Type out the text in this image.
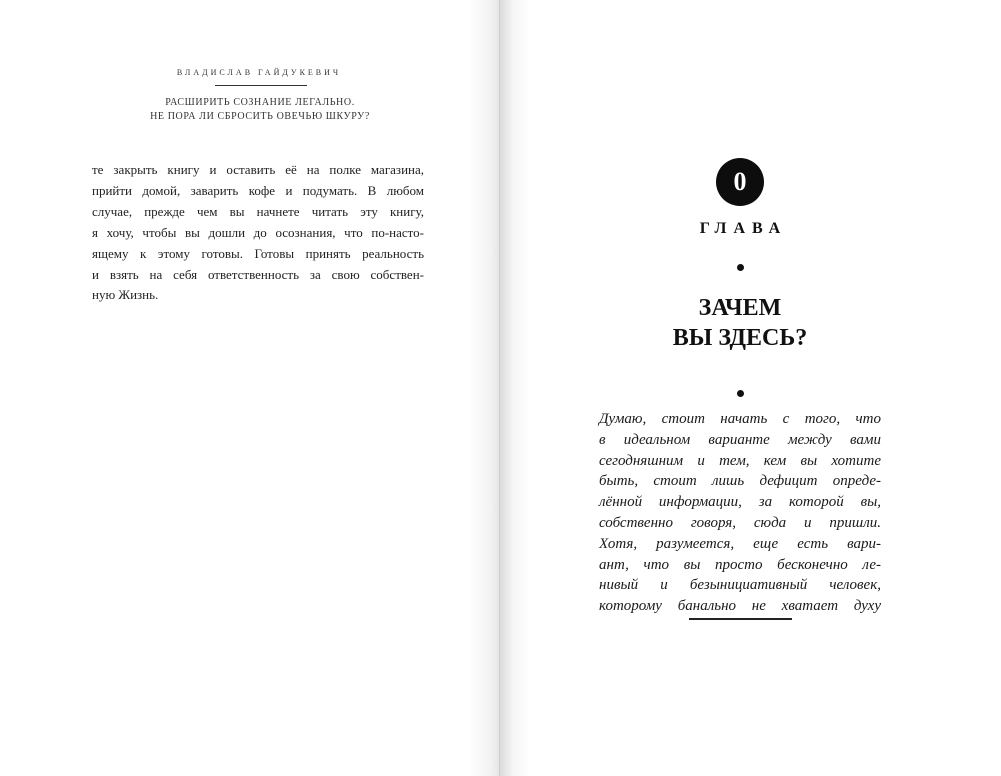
ВЛАДИСЛАВ ГАЙДУКЕВИЧ
РАСШИРИТЬ СОЗНАНИЕ ЛЕГАЛЬНО.
НЕ ПОРА ЛИ СБРОСИТЬ ОВЕЧЬЮ ШКУРУ?
те закрыть книгу и оставить её на полке магазина,
прийти домой, заварить кофе и подумать. В любом
случае, прежде чем вы начнете читать эту книгу,
я хочу, чтобы вы дошли до осознания, что по-насто-
ящему к этому готовы. Готовы принять реальность
и взять на себя ответственность за свою собствен-
ную Жизнь.
0
ГЛАВА
ЗАЧЕМ
ВЫ ЗДЕСЬ?
Думаю, стоит начать с того, что
в идеальном варианте между вами
сегодняшним и тем, кем вы хотите
быть, стоит лишь дефицит опреде-
лённой информации, за которой вы,
собственно говоря, сюда и пришли.
Хотя, разумеется, еще есть вари-
ант, что вы просто бесконечно ле-
нивый и безынициативный человек,
которому банально не хватает духу
